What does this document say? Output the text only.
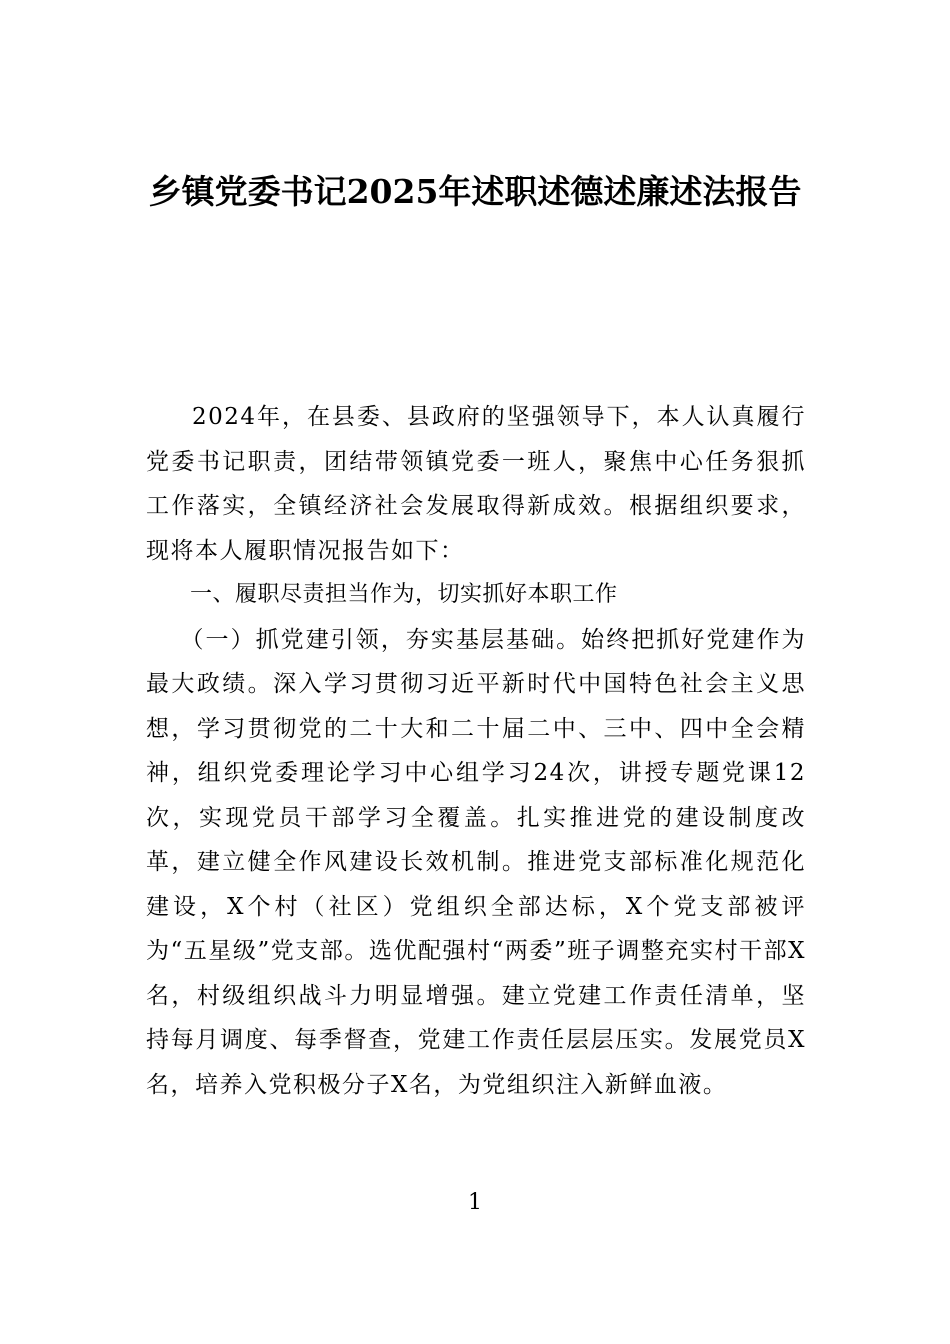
乡镇党委书记2025年述职述德述廉述法报告

2024年，在县委、县政府的坚强领导下，本人认真履行党委书记职责，团结带领镇党委一班人，聚焦中心任务狠抓工作落实，全镇经济社会发展取得新成效。根据组织要求，现将本人履职情况报告如下：

一、履职尽责担当作为，切实抓好本职工作

（一）抓党建引领，夯实基层基础。始终把抓好党建作为最大政绩。深入学习贯彻习近平新时代中国特色社会主义思想，学习贯彻党的二十大和二十届二中、三中、四中全会精神，组织党委理论学习中心组学习24次，讲授专题党课12次，实现党员干部学习全覆盖。扎实推进党的建设制度改革，建立健全作风建设长效机制。推进党支部标准化规范化建设，X个村（社区）党组织全部达标，X个党支部被评为“五星级”党支部。选优配强村“两委”班子调整充实村干部X名，村级组织战斗力明显增强。建立党建工作责任清单，坚持每月调度、每季督查，党建工作责任层层压实。发展党员X名，培养入党积极分子X名，为党组织注入新鲜血液。

1
